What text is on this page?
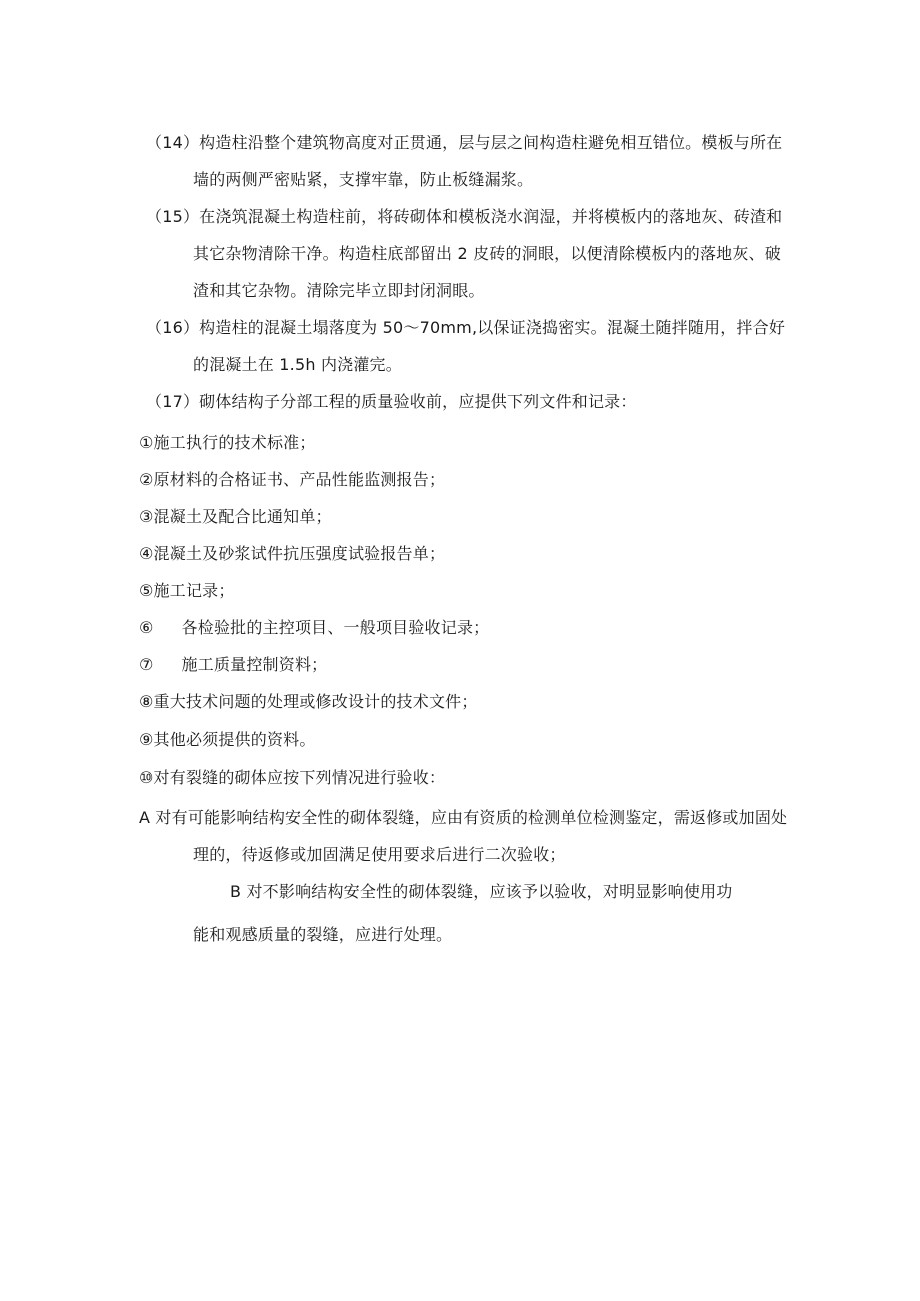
（14）构造柱沿整个建筑物高度对正贯通，层与层之间构造柱避免相互错位。模板与所在
墙的两侧严密贴紧，支撑牢靠，防止板缝漏浆。
（15）在浇筑混凝土构造柱前，将砖砌体和模板浇水润湿，并将模板内的落地灰、砖渣和
其它杂物清除干净。构造柱底部留出 2 皮砖的洞眼，以便清除模板内的落地灰、破
渣和其它杂物。清除完毕立即封闭洞眼。
（16）构造柱的混凝土塌落度为 50～70mm,以保证浇捣密实。混凝土随拌随用，拌合好
的混凝土在 1.5h 内浇灌完。
（17）砌体结构子分部工程的质量验收前，应提供下列文件和记录：
①施工执行的技术标准；
②原材料的合格证书、产品性能监测报告；
③混凝土及配合比通知单；
④混凝土及砂浆试件抗压强度试验报告单；
⑤施工记录；
⑥ 各检验批的主控项目、一般项目验收记录；
⑦ 施工质量控制资料；
⑧重大技术问题的处理或修改设计的技术文件；
⑨其他必须提供的资料。
⑩对有裂缝的砌体应按下列情况进行验收：
A 对有可能影响结构安全性的砌体裂缝，应由有资质的检测单位检测鉴定，需返修或加固处
理的，待返修或加固满足使用要求后进行二次验收；
B 对不影响结构安全性的砌体裂缝，应该予以验收，对明显影响使用功
能和观感质量的裂缝，应进行处理。
